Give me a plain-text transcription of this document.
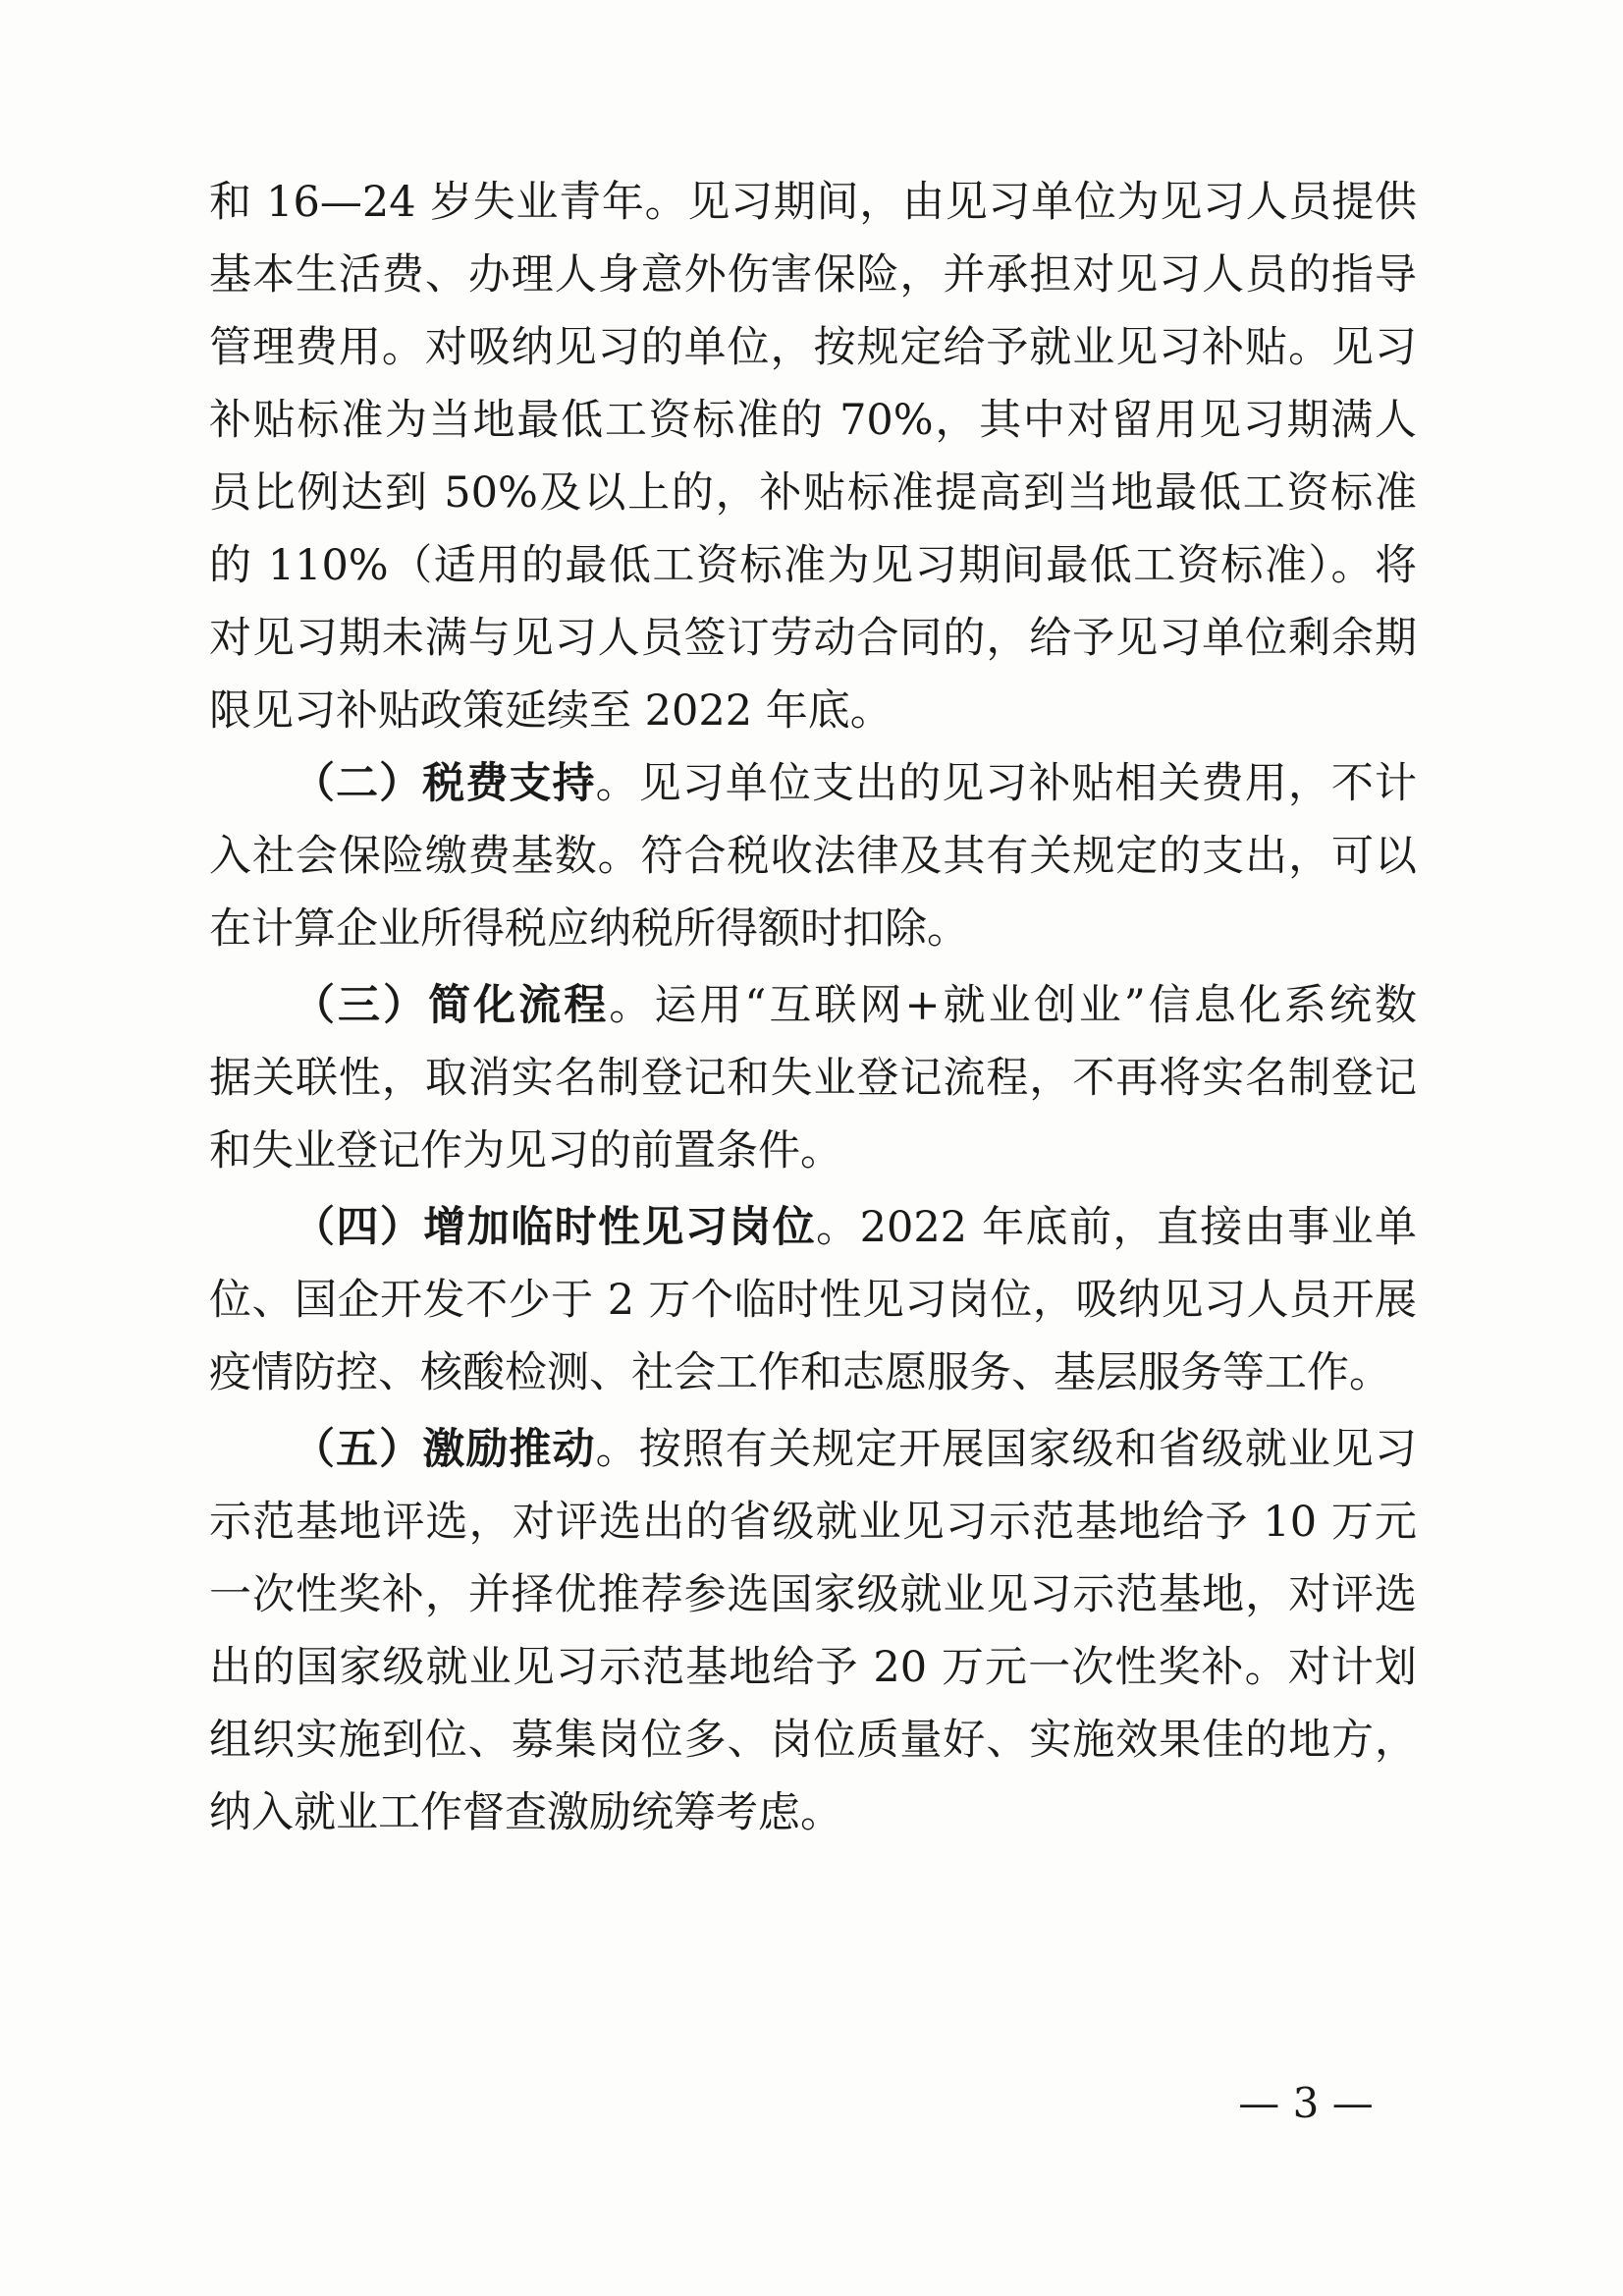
和 16—24 岁失业青年。见习期间，由见习单位为见习人员提供
基本生活费、办理人身意外伤害保险，并承担对见习人员的指导
管理费用。对吸纳见习的单位，按规定给予就业见习补贴。见习
补贴标准为当地最低工资标准的 70%，其中对留用见习期满人
员比例达到 50%及以上的，补贴标准提高到当地最低工资标准
的 110%（适用的最低工资标准为见习期间最低工资标准）。将
对见习期未满与见习人员签订劳动合同的，给予见习单位剩余期
限见习补贴政策延续至 2022 年底。
（二）税费支持。见习单位支出的见习补贴相关费用，不计
入社会保险缴费基数。符合税收法律及其有关规定的支出，可以
在计算企业所得税应纳税所得额时扣除。
（三）简化流程。运用“互联网+就业创业”信息化系统数
据关联性，取消实名制登记和失业登记流程，不再将实名制登记
和失业登记作为见习的前置条件。
（四）增加临时性见习岗位。2022 年底前，直接由事业单
位、国企开发不少于 2 万个临时性见习岗位，吸纳见习人员开展
疫情防控、核酸检测、社会工作和志愿服务、基层服务等工作。
（五）激励推动。按照有关规定开展国家级和省级就业见习
示范基地评选，对评选出的省级就业见习示范基地给予 10 万元
一次性奖补，并择优推荐参选国家级就业见习示范基地，对评选
出的国家级就业见习示范基地给予 20 万元一次性奖补。对计划
组织实施到位、募集岗位多、岗位质量好、实施效果佳的地方，
纳入就业工作督查激励统筹考虑。
— 3 —
